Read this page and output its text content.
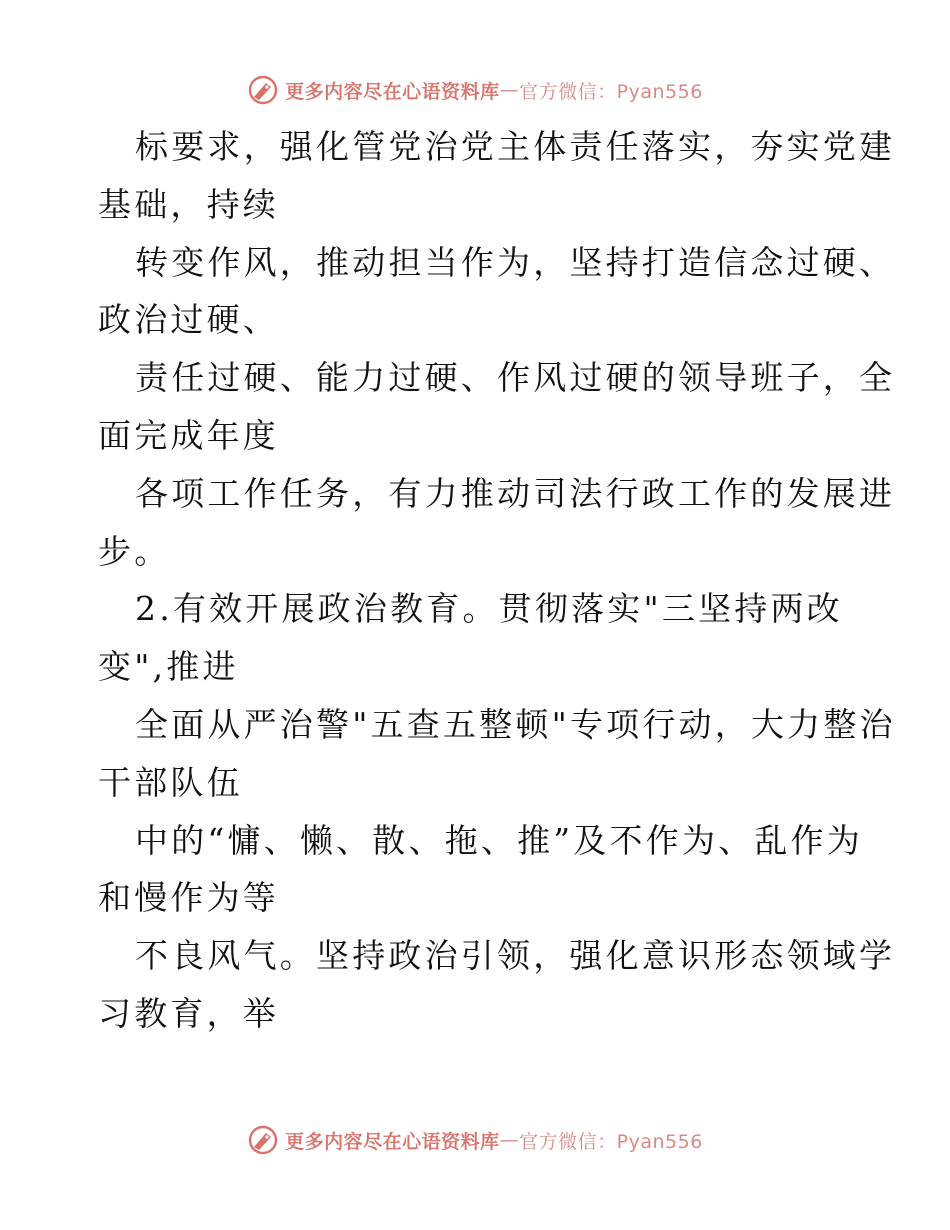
更多内容尽在心语资料库 — 官方微信：Pyan556
标要求，强化管党治党主体责任落实，夯实党建
基础，持续
转变作风，推动担当作为，坚持打造信念过硬、
政治过硬、
责任过硬、能力过硬、作风过硬的领导班子，全
面完成年度
各项工作任务，有力推动司法行政工作的发展进
步。
2.有效开展政治教育。贯彻落实"三坚持两改
变",推进
全面从严治警"五查五整顿"专项行动，大力整治
干部队伍
中的“慵、懒、散、拖、推”及不作为、乱作为
和慢作为等
不良风气。坚持政治引领，强化意识形态领域学
习教育，举
更多内容尽在心语资料库 — 官方微信：Pyan556
